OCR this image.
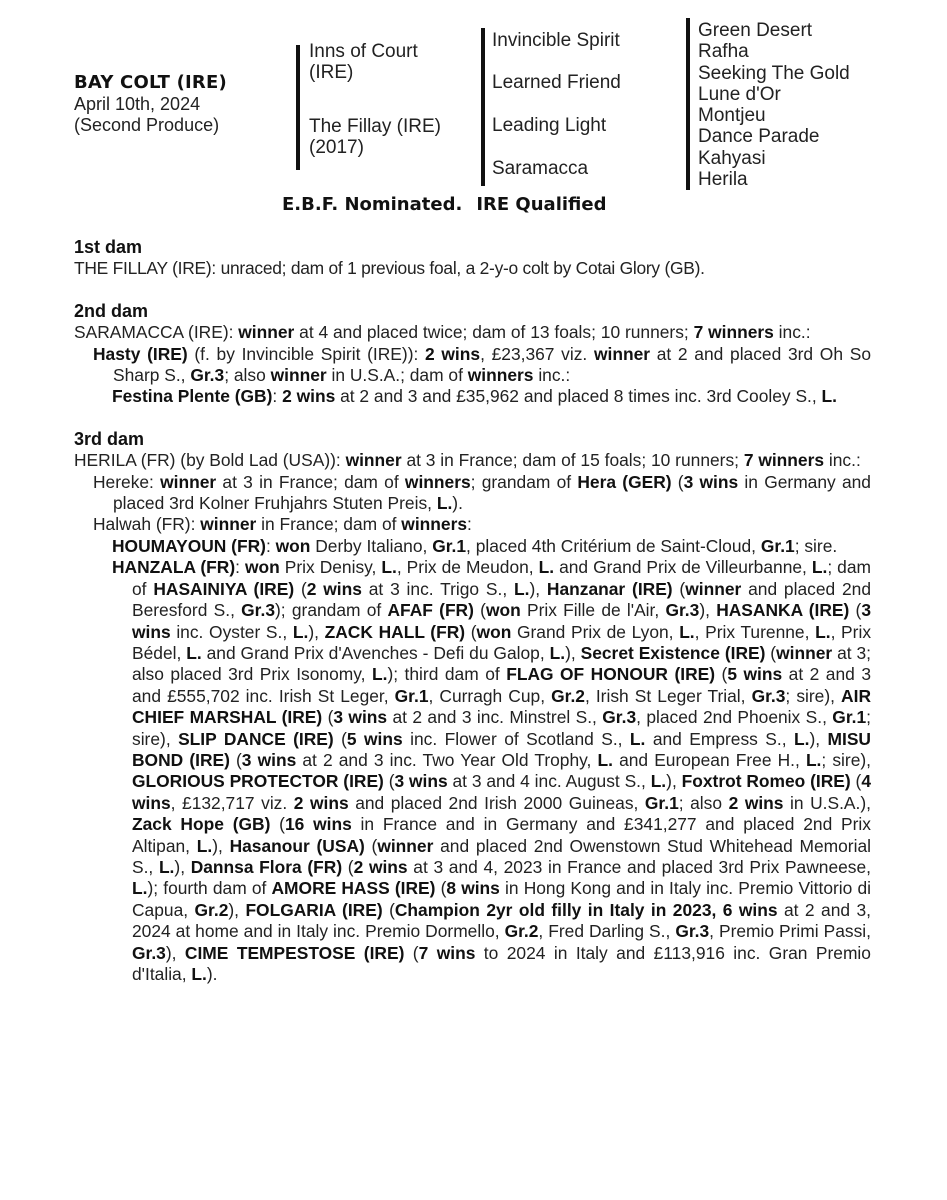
BAY COLT (IRE)
April 10th, 2024
(Second Produce)
Inns of Court
(IRE)
The Fillay (IRE)
(2017)
Invincible Spirit
Learned Friend
Leading Light
Saramacca
Green Desert
Rafha
Seeking The Gold
Lune d'Or
Montjeu
Dance Parade
Kahyasi
Herila
E.B.F. Nominated. IRE Qualified
1st dam

THE FILLAY (IRE): unraced; dam of 1 previous foal, a 2-y-o colt by Cotai Glory (GB).

2nd dam

SARAMACCA (IRE): winner at 4 and placed twice; dam of 13 foals; 10 runners; 7 winners inc.:

Hasty (IRE) (f. by Invincible Spirit (IRE)): 2 wins, £23,367 viz. winner at 2 and placed 3rd Oh So Sharp S., Gr.3; also winner in U.S.A.; dam of winners inc.:

Festina Plente (GB): 2 wins at 2 and 3 and £35,962 and placed 8 times inc. 3rd Cooley S., L.

3rd dam

HERILA (FR) (by Bold Lad (USA)): winner at 3 in France; dam of 15 foals; 10 runners; 7 winners inc.:

Hereke: winner at 3 in France; dam of winners; grandam of Hera (GER) (3 wins in Germany and placed 3rd Kolner Fruhjahrs Stuten Preis, L.).

Halwah (FR): winner in France; dam of winners:

HOUMAYOUN (FR): won Derby Italiano, Gr.1, placed 4th Critérium de Saint-Cloud, Gr.1; sire.

HANZALA (FR): won Prix Denisy, L., Prix de Meudon, L. and Grand Prix de Villeurbanne, L.; dam of HASAINIYA (IRE) (2 wins at 3 inc. Trigo S., L.), Hanzanar (IRE) (winner and placed 2nd Beresford S., Gr.3); grandam of AFAF (FR) (won Prix Fille de l'Air, Gr.3), HASANKA (IRE) (3 wins inc. Oyster S., L.), ZACK HALL (FR) (won Grand Prix de Lyon, L., Prix Turenne, L., Prix Bédel, L. and Grand Prix d'Avenches - Defi du Galop, L.), Secret Existence (IRE) (winner at 3; also placed 3rd Prix Isonomy, L.); third dam of FLAG OF HONOUR (IRE) (5 wins at 2 and 3 and £555,702 inc. Irish St Leger, Gr.1, Curragh Cup, Gr.2, Irish St Leger Trial, Gr.3; sire), AIR CHIEF MARSHAL (IRE) (3 wins at 2 and 3 inc. Minstrel S., Gr.3, placed 2nd Phoenix S., Gr.1; sire), SLIP DANCE (IRE) (5 wins inc. Flower of Scotland S., L. and Empress S., L.), MISU BOND (IRE) (3 wins at 2 and 3 inc. Two Year Old Trophy, L. and European Free H., L.; sire), GLORIOUS PROTECTOR (IRE) (3 wins at 3 and 4 inc. August S., L.), Foxtrot Romeo (IRE) (4 wins, £132,717 viz. 2 wins and placed 2nd Irish 2000 Guineas, Gr.1; also 2 wins in U.S.A.), Zack Hope (GB) (16 wins in France and in Germany and £341,277 and placed 2nd Prix Altipan, L.), Hasanour (USA) (winner and placed 2nd Owenstown Stud Whitehead Memorial S., L.), Dannsa Flora (FR) (2 wins at 3 and 4, 2023 in France and placed 3rd Prix Pawneese, L.); fourth dam of AMORE HASS (IRE) (8 wins in Hong Kong and in Italy inc. Premio Vittorio di Capua, Gr.2), FOLGARIA (IRE) (Champion 2yr old filly in Italy in 2023, 6 wins at 2 and 3, 2024 at home and in Italy inc. Premio Dormello, Gr.2, Fred Darling S., Gr.3, Premio Primi Passi, Gr.3), CIME TEMPESTOSE (IRE) (7 wins to 2024 in Italy and £113,916 inc. Gran Premio d'Italia, L.).
